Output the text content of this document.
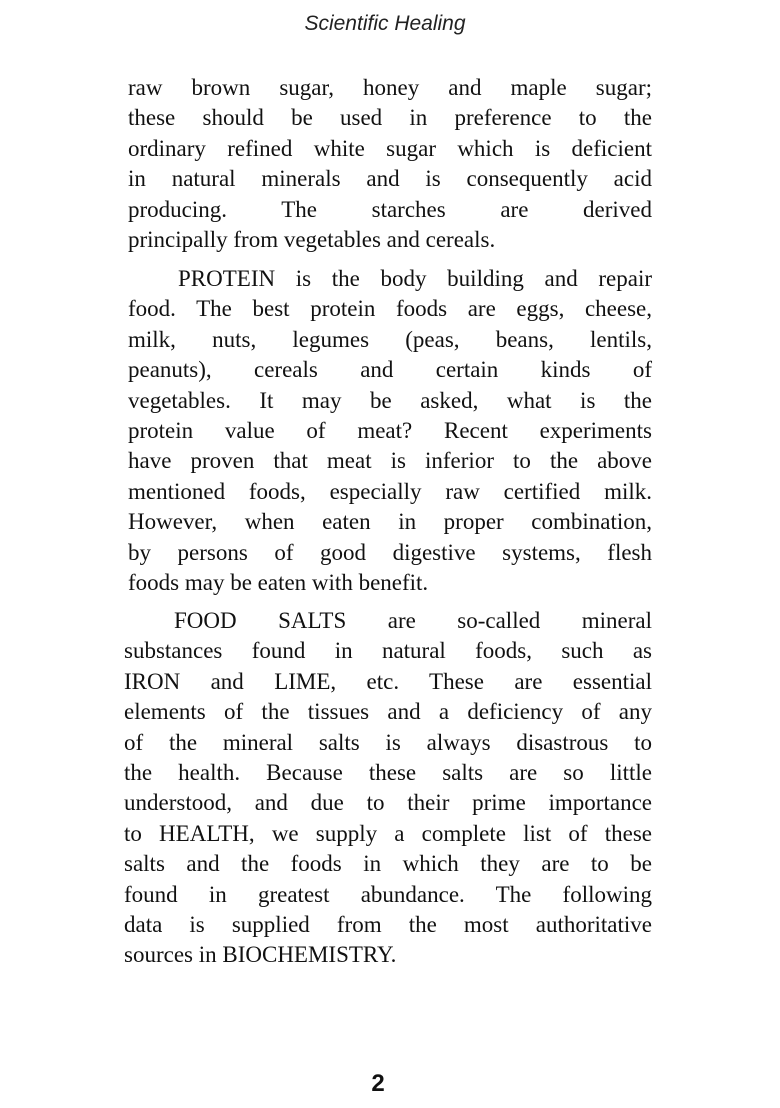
Scientific Healing
raw brown sugar, honey and maple sugar;
these should be used in preference to the
ordinary refined white sugar which is deficient
in natural minerals and is consequently acid
producing. The starches are derived
principally from vegetables and cereals.
PROTEIN is the body building and repair
food. The best protein foods are eggs, cheese,
milk, nuts, legumes (peas, beans, lentils,
peanuts), cereals and certain kinds of
vegetables. It may be asked, what is the
protein value of meat? Recent experiments
have proven that meat is inferior to the above
mentioned foods, especially raw certified milk.
However, when eaten in proper combination,
by persons of good digestive systems, flesh
foods may be eaten with benefit.
FOOD SALTS are so-called mineral
substances found in natural foods, such as
IRON and LIME, etc. These are essential
elements of the tissues and a deficiency of any
of the mineral salts is always disastrous to
the health. Because these salts are so little
understood, and due to their prime importance
to HEALTH, we supply a complete list of these
salts and the foods in which they are to be
found in greatest abundance. The following
data is supplied from the most authoritative
sources in BIOCHEMISTRY.
2
